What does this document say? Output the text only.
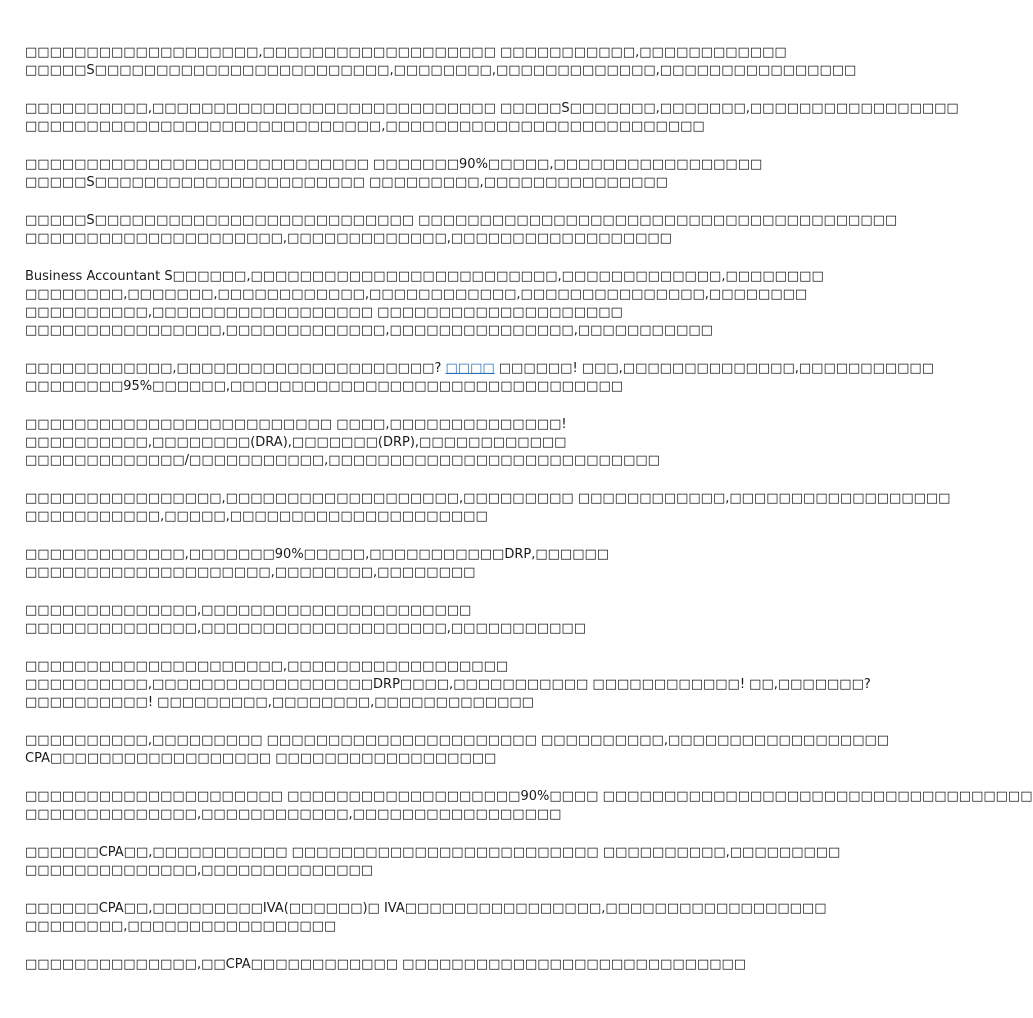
□□□□□□□□□□□□□□□□□□□,□□□□□□□□□□□□□□□□□□□ □□□□□□□□□□□,□□□□□□□□□□□□
□□□□□S□□□□□□□□□□□□□□□□□□□□□□□□,□□□□□□□□,□□□□□□□□□□□□□,□□□□□□□□□□□□□□□□

□□□□□□□□□□,□□□□□□□□□□□□□□□□□□□□□□□□□□□□ □□□□□S□□□□□□□,□□□□□□□,□□□□□□□□□□□□□□□□□
□□□□□□□□□□□□□□□□□□□□□□□□□□□□□,□□□□□□□□□□□□□□□□□□□□□□□□□□

□□□□□□□□□□□□□□□□□□□□□□□□□□□□ □□□□□□□90%□□□□□,□□□□□□□□□□□□□□□□□
□□□□□S□□□□□□□□□□□□□□□□□□□□□□ □□□□□□□□□,□□□□□□□□□□□□□□□

□□□□□S□□□□□□□□□□□□□□□□□□□□□□□□□□ □□□□□□□□□□□□□□□□□□□□□□□□□□□□□□□□□□□□□□□
□□□□□□□□□□□□□□□□□□□□□,□□□□□□□□□□□□□,□□□□□□□□□□□□□□□□□□

Business Accountant S□□□□□□,□□□□□□□□□□□□□□□□□□□□□□□□□,□□□□□□□□□□□□□,□□□□□□□□
□□□□□□□□,□□□□□□□,□□□□□□□□□□□□,□□□□□□□□□□□□,□□□□□□□□□□□□□□□,□□□□□□□□
□□□□□□□□□□,□□□□□□□□□□□□□□□□□□ □□□□□□□□□□□□□□□□□□□□
□□□□□□□□□□□□□□□□,□□□□□□□□□□□□□,□□□□□□□□□□□□□□□,□□□□□□□□□□□

□□□□□□□□□□□□,□□□□□□□□□□□□□□□□□□□□□? □□□□ □□□□□□! □□□,□□□□□□□□□□□□□□,□□□□□□□□□□□
□□□□□□□□95%□□□□□□,□□□□□□□□□□□□□□□□□□□□□□□□□□□□□□□□

□□□□□□□□□□□□□□□□□□□□□□□□□ □□□□,□□□□□□□□□□□□□□!
□□□□□□□□□□,□□□□□□□□(DRA),□□□□□□□(DRP),□□□□□□□□□□□□
□□□□□□□□□□□□□/□□□□□□□□□□□,□□□□□□□□□□□□□□□□□□□□□□□□□□□

□□□□□□□□□□□□□□□□,□□□□□□□□□□□□□□□□□□□,□□□□□□□□□ □□□□□□□□□□□□,□□□□□□□□□□□□□□□□□□
□□□□□□□□□□□,□□□□□,□□□□□□□□□□□□□□□□□□□□□

□□□□□□□□□□□□□,□□□□□□□90%□□□□□,□□□□□□□□□□□DRP,□□□□□□
□□□□□□□□□□□□□□□□□□□□,□□□□□□□□,□□□□□□□□

□□□□□□□□□□□□□□,□□□□□□□□□□□□□□□□□□□□□□
□□□□□□□□□□□□□□,□□□□□□□□□□□□□□□□□□□□,□□□□□□□□□□□

□□□□□□□□□□□□□□□□□□□□□,□□□□□□□□□□□□□□□□□□
□□□□□□□□□□,□□□□□□□□□□□□□□□□□□DRP□□□□,□□□□□□□□□□□ □□□□□□□□□□□□! □□,□□□□□□□?
□□□□□□□□□□! □□□□□□□□□,□□□□□□□□,□□□□□□□□□□□□□

□□□□□□□□□□,□□□□□□□□□ □□□□□□□□□□□□□□□□□□□□□□ □□□□□□□□□□,□□□□□□□□□□□□□□□□□□
CPA□□□□□□□□□□□□□□□□□□ □□□□□□□□□□□□□□□□□□

□□□□□□□□□□□□□□□□□□□□□ □□□□□□□□□□□□□□□□□□□90%□□□□ □□□□□□□□□□□□□□□□□□□□□□□□□□□□□□□□□□□
□□□□□□□□□□□□□□,□□□□□□□□□□□□,□□□□□□□□□□□□□□□□□

□□□□□□CPA□□,□□□□□□□□□□□ □□□□□□□□□□□□□□□□□□□□□□□□□ □□□□□□□□□□,□□□□□□□□□
□□□□□□□□□□□□□□,□□□□□□□□□□□□□□

□□□□□□CPA□□,□□□□□□□□□IVA(□□□□□□)□ IVA□□□□□□□□□□□□□□□□,□□□□□□□□□□□□□□□□□□
□□□□□□□□,□□□□□□□□□□□□□□□□□

□□□□□□□□□□□□□□,□□CPA□□□□□□□□□□□□ □□□□□□□□□□□□□□□□□□□□□□□□□□□□
